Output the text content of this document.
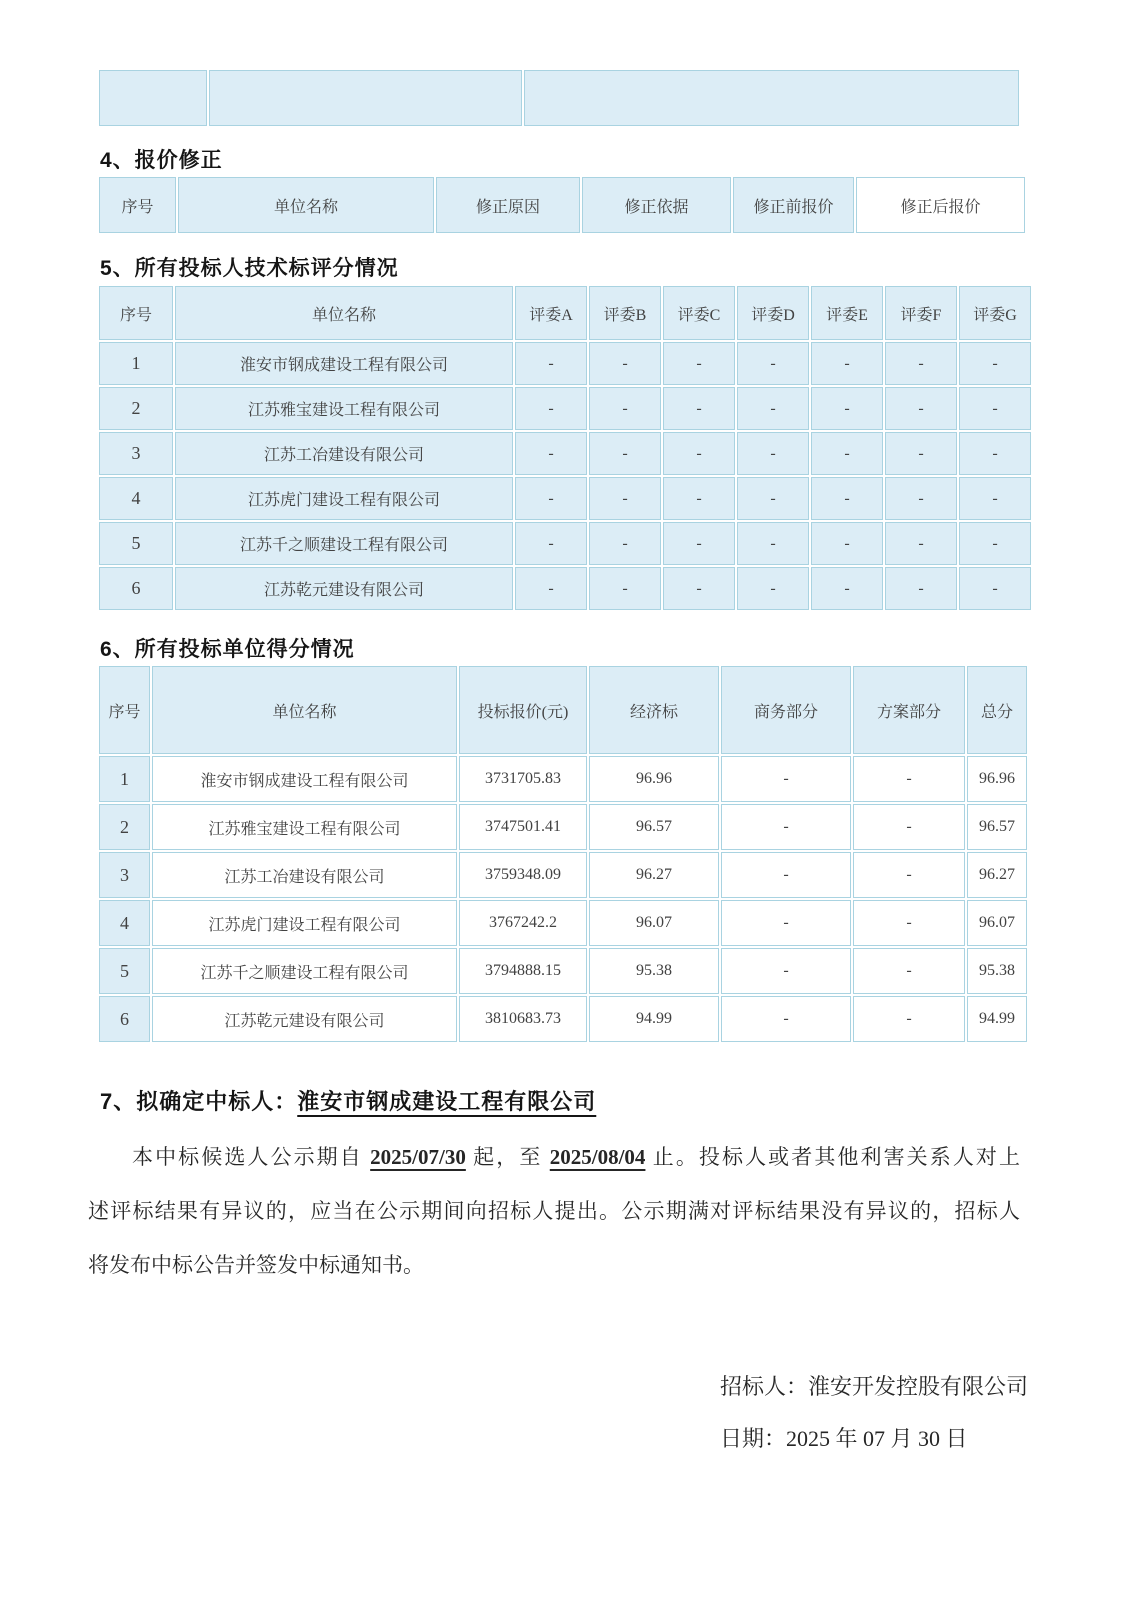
4、报价修正
序号	单位名称	修正原因	修正依据	修正前报价	修正后报价
5、所有投标人技术标评分情况
序号	单位名称	评委A	评委B	评委C	评委D	评委E	评委F	评委G
1	淮安市钢成建设工程有限公司	-	-	-	-	-	-	-
2	江苏雅宝建设工程有限公司	-	-	-	-	-	-	-
3	江苏工冶建设有限公司	-	-	-	-	-	-	-
4	江苏虎门建设工程有限公司	-	-	-	-	-	-	-
5	江苏千之顺建设工程有限公司	-	-	-	-	-	-	-
6	江苏乾元建设有限公司	-	-	-	-	-	-	-
6、所有投标单位得分情况
序号	单位名称	投标报价(元)	经济标	商务部分	方案部分	总分
1	淮安市钢成建设工程有限公司	3731705.83	96.96	-	-	96.96
2	江苏雅宝建设工程有限公司	3747501.41	96.57	-	-	96.57
3	江苏工冶建设有限公司	3759348.09	96.27	-	-	96.27
4	江苏虎门建设工程有限公司	3767242.2	96.07	-	-	96.07
5	江苏千之顺建设工程有限公司	3794888.15	95.38	-	-	95.38
6	江苏乾元建设有限公司	3810683.73	94.99	-	-	94.99
7、拟确定中标人：淮安市钢成建设工程有限公司
本中标候选人公示期自 2025/07/30 起，至 2025/08/04 止。投标人或者其他利害关系人对上
述评标结果有异议的，应当在公示期间向招标人提出。公示期满对评标结果没有异议的，招标人
将发布中标公告并签发中标通知书。
招标人：淮安开发控股有限公司
日期：2025 年 07 月 30 日
